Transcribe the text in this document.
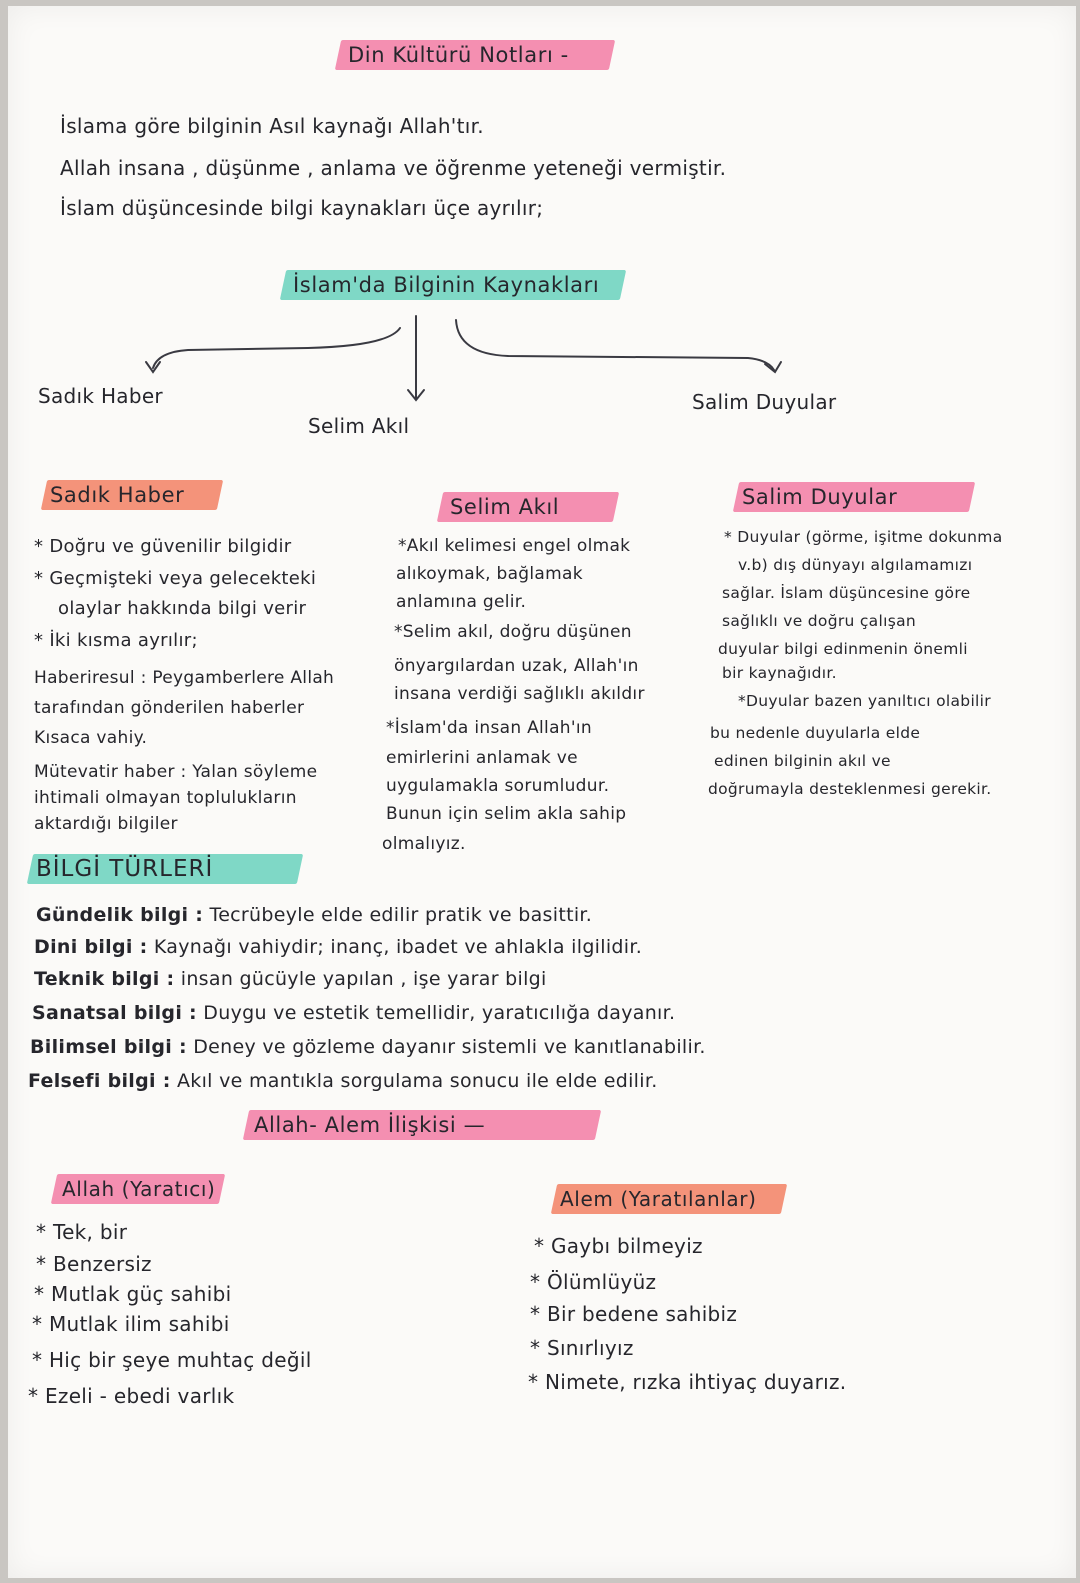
Din Kültürü Notları -
İslama göre bilginin Asıl kaynağı Allah'tır.
Allah insana , düşünme , anlama ve öğrenme yeteneği vermiştir.
İslam düşüncesinde bilgi kaynakları üçe ayrılır;
İslam'da Bilginin Kaynakları
Sadık Haber
Selim Akıl
Salim Duyular
Sadık Haber	Selim Akıl	Salim Duyular
* Doğru ve güvenilir bilgidir
* Geçmişteki veya gelecekteki
olaylar hakkında bilgi verir
* İki kısma ayrılır;
Haberiresul : Peygamberlere Allah
tarafından gönderilen haberler
Kısaca vahiy.
Mütevatir haber : Yalan söyleme
ihtimali olmayan toplulukların
aktardığı bilgiler
*Akıl kelimesi engel olmak
alıkoymak, bağlamak
anlamına gelir.
*Selim akıl, doğru düşünen
önyargılardan uzak, Allah'ın
insana verdiği sağlıklı akıldır
*İslam'da insan Allah'ın
emirlerini anlamak ve
uygulamakla sorumludur.
Bunun için selim akla sahip
olmalıyız.
* Duyular (görme, işitme dokunma
v.b) dış dünyayı algılamamızı
sağlar. İslam düşüncesine göre
sağlıklı ve doğru çalışan
duyular bilgi edinmenin önemli
bir kaynağıdır.
*Duyular bazen yanıltıcı olabilir
bu nedenle duyularla elde
edinen bilginin akıl ve
doğrumayla desteklenmesi gerekir.
BİLGİ TÜRLERİ
Gündelik bilgi : Tecrübeyle elde edilir pratik ve basittir.
Dini bilgi : Kaynağı vahiydir; inanç, ibadet ve ahlakla ilgilidir.
Teknik bilgi : insan gücüyle yapılan , işe yarar bilgi
Sanatsal bilgi : Duygu ve estetik temellidir, yaratıcılığa dayanır.
Bilimsel bilgi : Deney ve gözleme dayanır sistemli ve kanıtlanabilir.
Felsefi bilgi : Akıl ve mantıkla sorgulama sonucu ile elde edilir.
Allah- Alem İlişkisi —
Allah (Yaratıcı)
* Tek, bir
* Benzersiz
* Mutlak güç sahibi
* Mutlak ilim sahibi
* Hiç bir şeye muhtaç değil
* Ezeli - ebedi varlık
Alem (Yaratılanlar)
* Gaybı bilmeyiz
* Ölümlüyüz
* Bir bedene sahibiz
* Sınırlıyız
* Nimete, rızka ihtiyaç duyarız.
